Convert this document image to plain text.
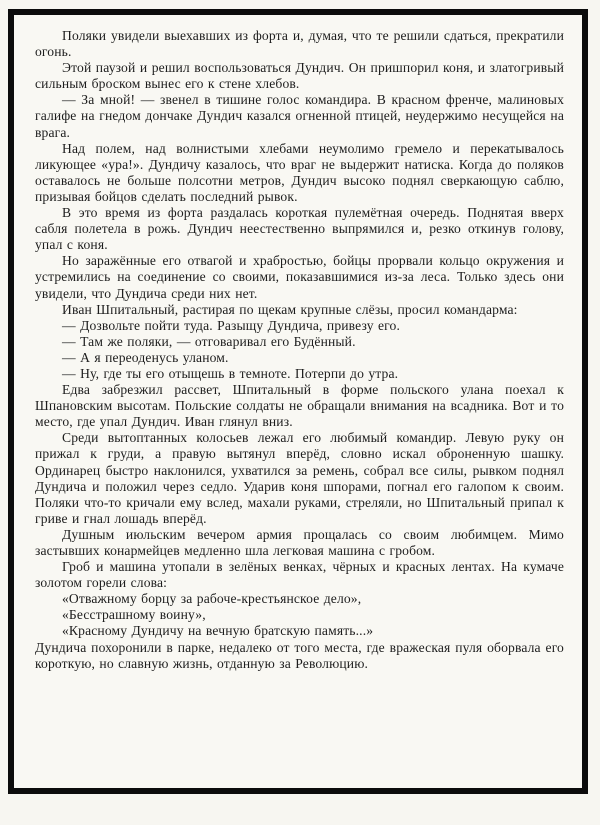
Поляки увидели выехавших из форта и, думая, что те решили сдаться, прекратили огонь.

Этой паузой и решил воспользоваться Дундич. Он пришпорил коня, и златогривый сильным броском вынес его к стене хлебов.

— За мной! — звенел в тишине голос командира. В красном френче, малиновых галифе на гнедом дончаке Дундич казался огненной птицей, неудержимо несущейся на врага.

Над полем, над волнистыми хлебами неумолимо гремело и перекатывалось ликующее «ура!». Дундичу казалось, что враг не выдержит натиска. Когда до поляков оставалось не больше полсотни метров, Дундич высоко поднял сверкающую саблю, призывая бойцов сделать последний рывок.

В это время из форта раздалась короткая пулемётная очередь. Поднятая вверх сабля полетела в рожь. Дундич неестественно выпрямился и, резко откинув голову, упал с коня.

Но заражённые его отвагой и храбростью, бойцы прорвали кольцо окружения и устремились на соединение со своими, показавшимися из-за леса. Только здесь они увидели, что Дундича среди них нет.

Иван Шпитальный, растирая по щекам крупные слёзы, просил командарма:

— Дозвольте пойти туда. Разыщу Дундича, привезу его.

— Там же поляки, — отговаривал его Будённый.

— А я переоденусь уланом.

— Ну, где ты его отыщешь в темноте. Потерпи до утра.

Едва забрезжил рассвет, Шпитальный в форме польского улана поехал к Шпановским высотам. Польские солдаты не обращали внимания на всадника. Вот и то место, где упал Дундич. Иван глянул вниз.

Среди вытоптанных колосьев лежал его любимый командир. Левую руку он прижал к груди, а правую вытянул вперёд, словно искал оброненную шашку. Ординарец быстро наклонился, ухватился за ремень, собрал все силы, рывком поднял Дундича и положил через седло. Ударив коня шпорами, погнал его галопом к своим. Поляки что-то кричали ему вслед, махали руками, стреляли, но Шпитальный припал к гриве и гнал лошадь вперёд.

Душным июльским вечером армия прощалась со своим любимцем. Мимо застывших конармейцев медленно шла легковая машина с гробом.

Гроб и машина утопали в зелёных венках, чёрных и красных лентах. На кумаче золотом горели слова:

«Отважному борцу за рабоче-крестьянское дело»,

«Бесстрашному воину»,

«Красному Дундичу на вечную братскую память...»

Дундича похоронили в парке, недалеко от того места, где вражеская пуля оборвала его короткую, но славную жизнь, отданную за Революцию.
